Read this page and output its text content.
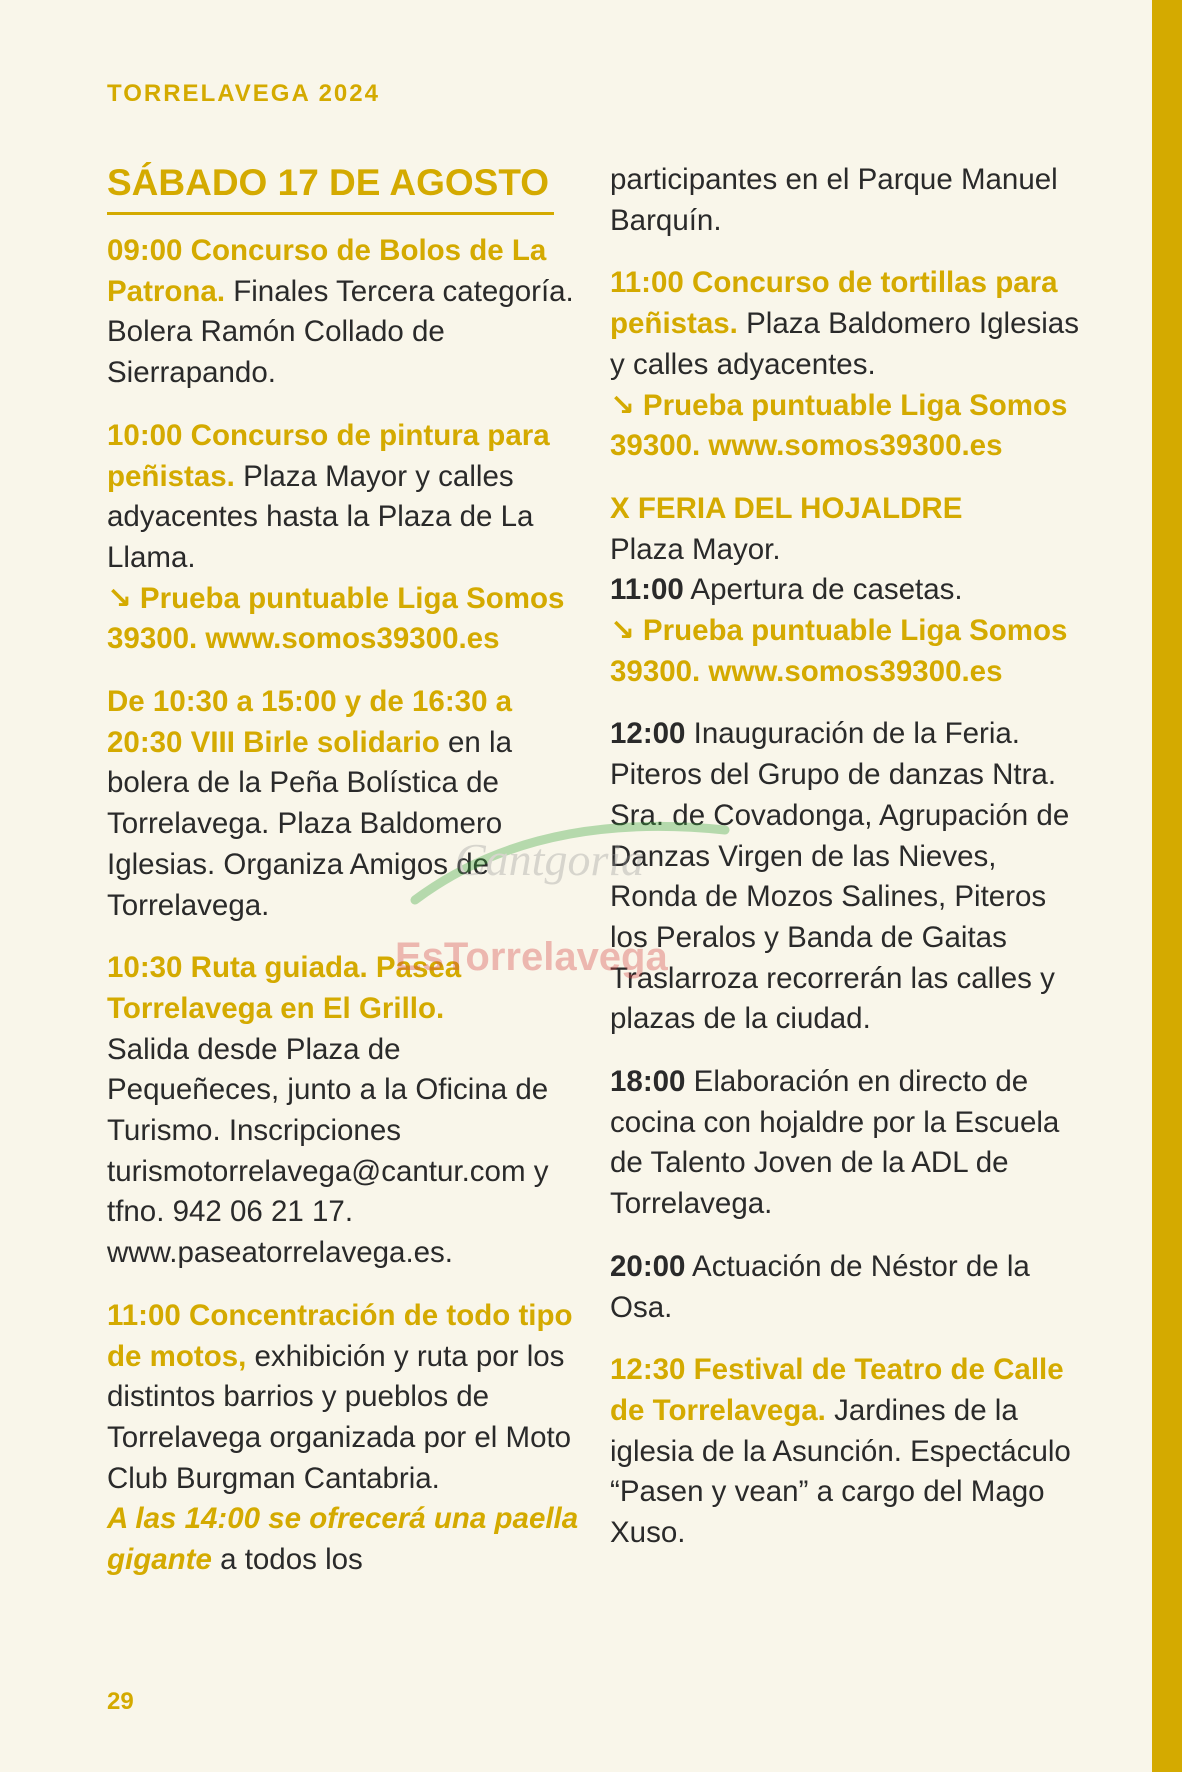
TORRELAVEGA 2024
SÁBADO 17 DE AGOSTO

09:00 Concurso de Bolos de La Patrona. Finales Tercera categoría. Bolera Ramón Collado de Sierrapando.

10:00 Concurso de pintura para peñistas. Plaza Mayor y calles adyacentes hasta la Plaza de La Llama.
↘ Prueba puntuable Liga Somos 39300. www.somos39300.es

De 10:30 a 15:00 y de 16:30 a 20:30 VIII Birle solidario en la bolera de la Peña Bolística de Torrelavega. Plaza Baldomero Iglesias. Organiza Amigos de Torrelavega.

10:30 Ruta guiada. Pasea Torrelavega en El Grillo.
Salida desde Plaza de Pequeñeces, junto a la Oficina de Turismo. Inscripciones turismotorrelavega@cantur.com y tfno. 942 06 21 17. www.paseatorrelavega.es.

11:00 Concentración de todo tipo de motos, exhibición y ruta por los distintos barrios y pueblos de Torrelavega organizada por el Moto Club Burgman Cantabria.
A las 14:00 se ofrecerá una paella gigante a todos los

participantes en el Parque Manuel Barquín.

11:00 Concurso de tortillas para peñistas. Plaza Baldomero Iglesias y calles adyacentes.
↘ Prueba puntuable Liga Somos 39300. www.somos39300.es

X FERIA DEL HOJALDRE
Plaza Mayor.
11:00 Apertura de casetas.
↘ Prueba puntuable Liga Somos 39300. www.somos39300.es

12:00 Inauguración de la Feria. Piteros del Grupo de danzas Ntra. Sra. de Covadonga, Agrupación de Danzas Virgen de las Nieves, Ronda de Mozos Salines, Piteros los Peralos y Banda de Gaitas Traslarroza recorrerán las calles y plazas de la ciudad.

18:00 Elaboración en directo de cocina con hojaldre por la Escuela de Talento Joven de la ADL de Torrelavega.

20:00 Actuación de Néstor de la Osa.

12:30 Festival de Teatro de Calle de Torrelavega. Jardines de la iglesia de la Asunción. Espectáculo “Pasen y vean” a cargo del Mago Xuso.

Cantgoria
EsTorrelavega
29
